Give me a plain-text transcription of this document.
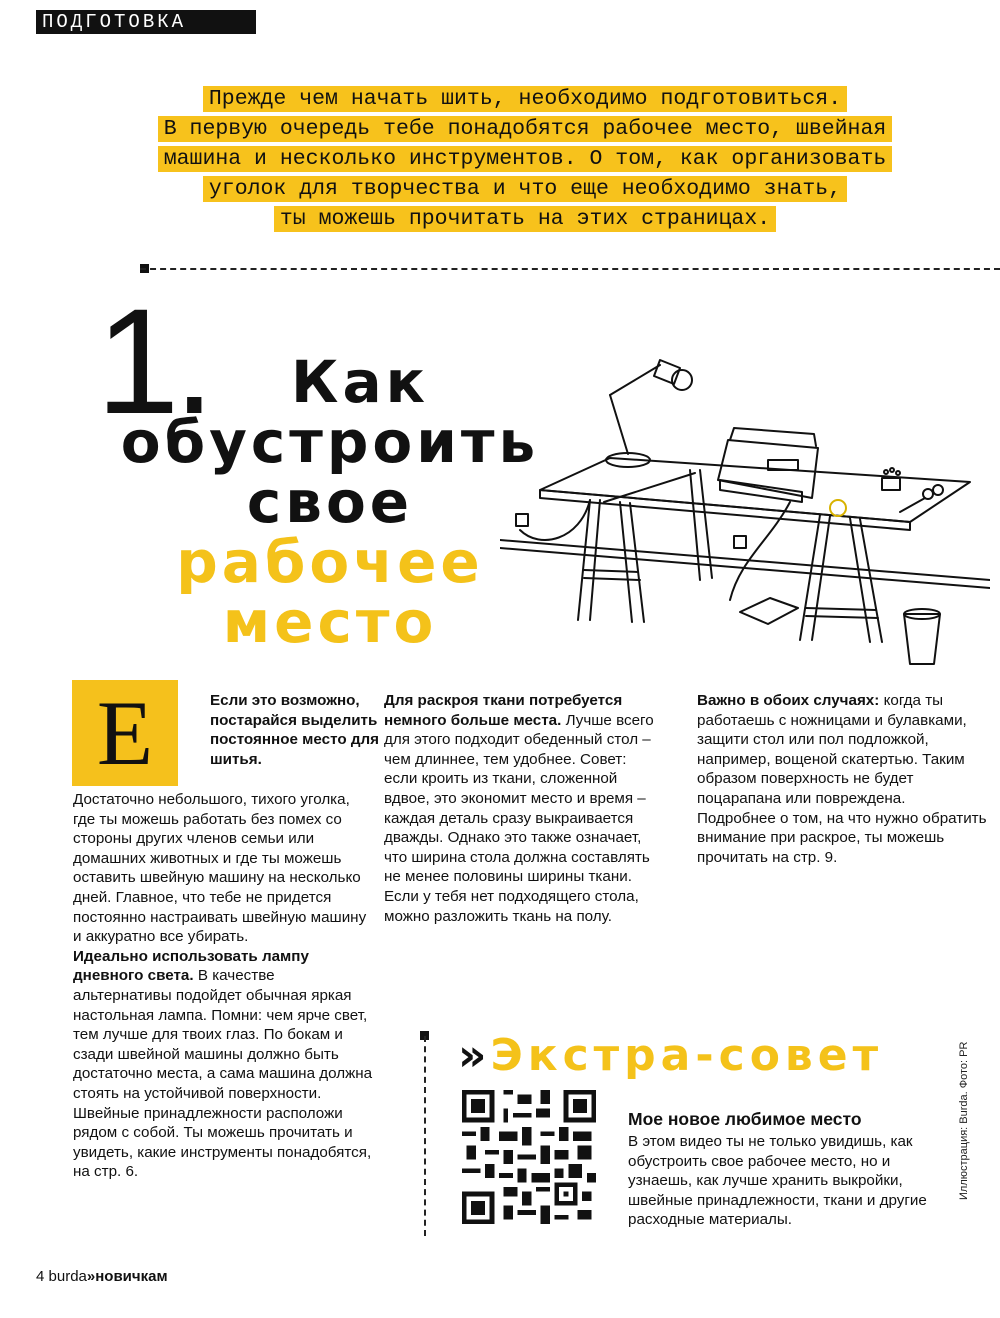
ПОДГОТОВКА
Прежде чем начать шить, необходимо подготовиться.
В первую очередь тебе понадобятся рабочее место, швейная
машина и несколько инструментов. О том, как организовать
уголок для творчества и что еще необходимо знать,
ты можешь прочитать на этих страницах.
1.	Как
обустроить
свое
рабочее
место
Е	Если это возможно, постарайся выделить постоянное место для шитья.
Достаточно небольшого, тихого уголка, где ты можешь работать без помех со стороны других членов семьи или домашних животных и где ты можешь оставить швейную машину на несколько дней. Главное, что тебе не придется постоянно настраивать швейную машину и аккуратно все убирать.
Идеально использовать лампу дневного света. В качестве альтернативы подойдет обычная яркая настольная лампа. Помни: чем ярче свет, тем лучше для твоих глаз. По бокам и сзади швейной машины должно быть достаточно места, а сама машина должна стоять на устойчивой поверхности. Швейные принадлежности расположи рядом с собой. Ты можешь прочитать и увидеть, какие инструменты понадобятся, на стр. 6.
Для раскроя ткани потребуется немного больше места. Лучше всего для этого подходит обеденный стол – чем длиннее, тем удобнее. Совет: если кроить из ткани, сложенной вдвое, это экономит место и время – каждая деталь сразу выкраивается дважды. Однако это также означает, что ширина стола должна составлять не менее половины ширины ткани. Если у тебя нет подходящего стола, можно разложить ткань на полу.
Важно в обоих случаях: когда ты работаешь с ножницами и булавками, защити стол или пол подложкой, например, вощеной скатертью. Таким образом поверхность не будет поцарапана или повреждена. Подробнее о том, на что нужно обратить внимание при раскрое, ты можешь прочитать на стр. 9.
» Экстра-совет
Мое новое любимое место
В этом видео ты не только увидишь, как обустроить свое рабочее место, но и узнаешь, как лучше хранить выкройки, швейные принадлежности, ткани и другие расходные материалы.
Иллюстрация: Burda. Фото: PR
4 burda»новичкам
